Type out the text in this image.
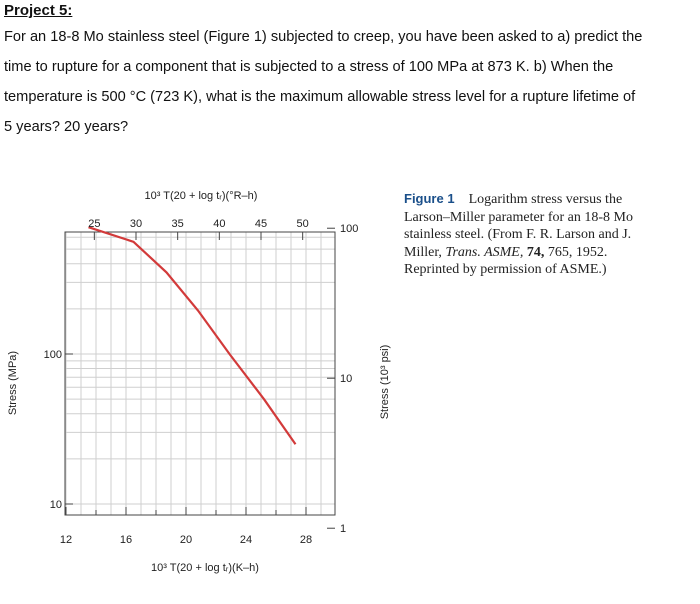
Project 5:
For an 18-8 Mo stainless steel (Figure 1) subjected to creep, you have been asked to a) predict the
time to rupture for a component that is subjected to a stress of 100 MPa at 873 K. b) When the
temperature is 500 °C (723 K), what is the maximum allowable stress level for a rupture lifetime of
5 years? 20 years?
12	16	20	24	28
25	30	35	40	45	50
100
10
100
10
1
10³ T(20 + log tᵣ)(°R–h)
10³ T(20 + log tᵣ)(K–h)
Stress (MPa)	Stress (10³ psi)
Figure 1 Logarithm stress versus the Larson–Miller parameter for an 18-8 Mo stainless steel. (From F. R. Larson and J. Miller, Trans. ASME, 74, 765, 1952. Reprinted by permission of ASME.)
